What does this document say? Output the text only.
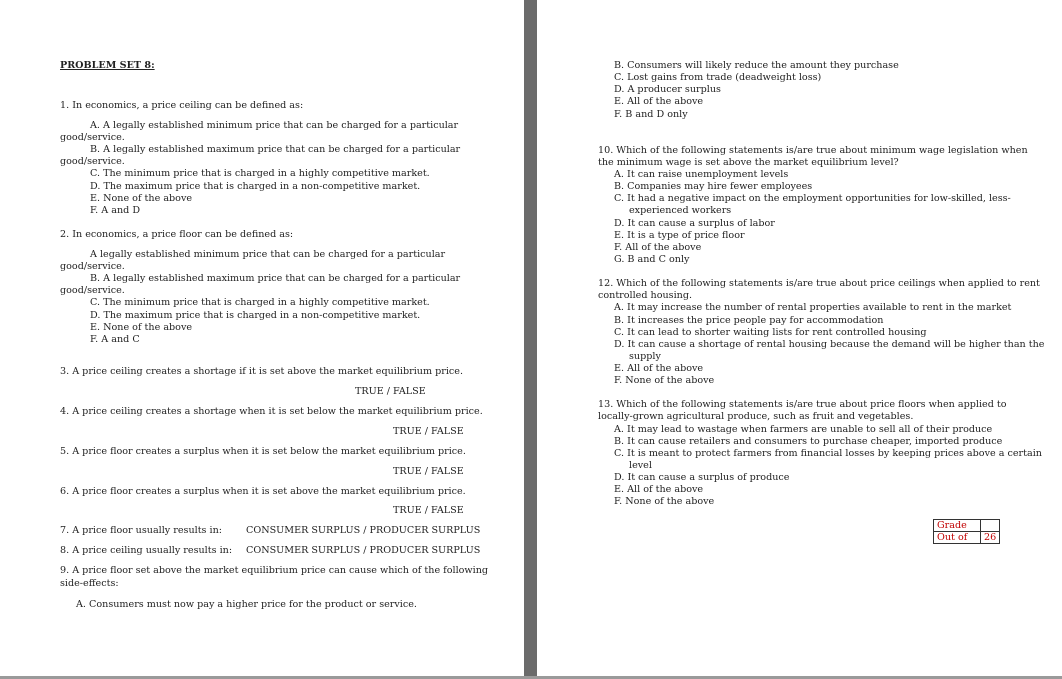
PROBLEM SET 8:
1. In economics, a price ceiling can be defined as:
A. A legally established minimum price that can be charged for a particular
good/service.
B. A legally established maximum price that can be charged for a particular
good/service.
C. The minimum price that is charged in a highly competitive market.
D. The maximum price that is charged in a non-competitive market.
E. None of the above
F. A and D
2. In economics, a price floor can be defined as:
A legally established minimum price that can be charged for a particular
good/service.
B. A legally established maximum price that can be charged for a particular
good/service.
C. The minimum price that is charged in a highly competitive market.
D. The maximum price that is charged in a non-competitive market.
E. None of the above
F. A and C
3. A price ceiling creates a shortage if it is set above the market equilibrium price.
TRUE / FALSE
4. A price ceiling creates a shortage when it is set below the market equilibrium price.
TRUE / FALSE
5. A price floor creates a surplus when it is set below the market equilibrium price.
TRUE / FALSE
6. A price floor creates a surplus when it is set above the market equilibrium price.
TRUE / FALSE
7. A price floor usually results in: CONSUMER SURPLUS / PRODUCER SURPLUS
8. A price ceiling usually results in: CONSUMER SURPLUS / PRODUCER SURPLUS
9. A price floor set above the market equilibrium price can cause which of the following
side-effects:
A. Consumers must now pay a higher price for the product or service.
B. Consumers will likely reduce the amount they purchase
C. Lost gains from trade (deadweight loss)
D. A producer surplus
E. All of the above
F. B and D only
10. Which of the following statements is/are true about minimum wage legislation when
the minimum wage is set above the market equilibrium level?
A. It can raise unemployment levels
B. Companies may hire fewer employees
C. It had a negative impact on the employment opportunities for low-skilled, less-
experienced workers
D. It can cause a surplus of labor
E. It is a type of price floor
F. All of the above
G. B and C only
12. Which of the following statements is/are true about price ceilings when applied to rent
controlled housing.
A. It may increase the number of rental properties available to rent in the market
B. It increases the price people pay for accommodation
C. It can lead to shorter waiting lists for rent controlled housing
D. It can cause a shortage of rental housing because the demand will be higher than the
supply
E. All of the above
F. None of the above
13. Which of the following statements is/are true about price floors when applied to
locally-grown agricultural produce, such as fruit and vegetables.
A. It may lead to wastage when farmers are unable to sell all of their produce
B. It can cause retailers and consumers to purchase cheaper, imported produce
C. It is meant to protect farmers from financial losses by keeping prices above a certain
level
D. It can cause a surplus of produce
E. All of the above
F. None of the above
Grade	
Out of	26
